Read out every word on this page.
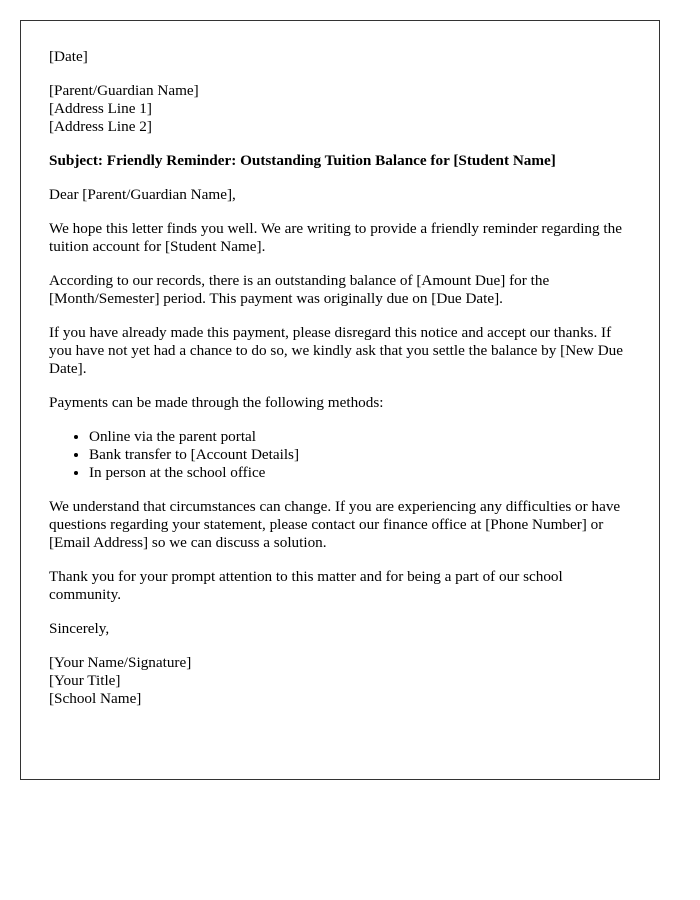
[Date]

[Parent/Guardian Name]
[Address Line 1]
[Address Line 2]

Subject: Friendly Reminder: Outstanding Tuition Balance for [Student Name]

Dear [Parent/Guardian Name],

We hope this letter finds you well. We are writing to provide a friendly reminder regarding the tuition account for [Student Name].

According to our records, there is an outstanding balance of [Amount Due] for the [Month/Semester] period. This payment was originally due on [Due Date].

If you have already made this payment, please disregard this notice and accept our thanks. If you have not yet had a chance to do so, we kindly ask that you settle the balance by [New Due Date].

Payments can be made through the following methods:

• Online via the parent portal
• Bank transfer to [Account Details]
• In person at the school office

We understand that circumstances can change. If you are experiencing any difficulties or have questions regarding your statement, please contact our finance office at [Phone Number] or [Email Address] so we can discuss a solution.

Thank you for your prompt attention to this matter and for being a part of our school community.

Sincerely,

[Your Name/Signature]
[Your Title]
[School Name]
